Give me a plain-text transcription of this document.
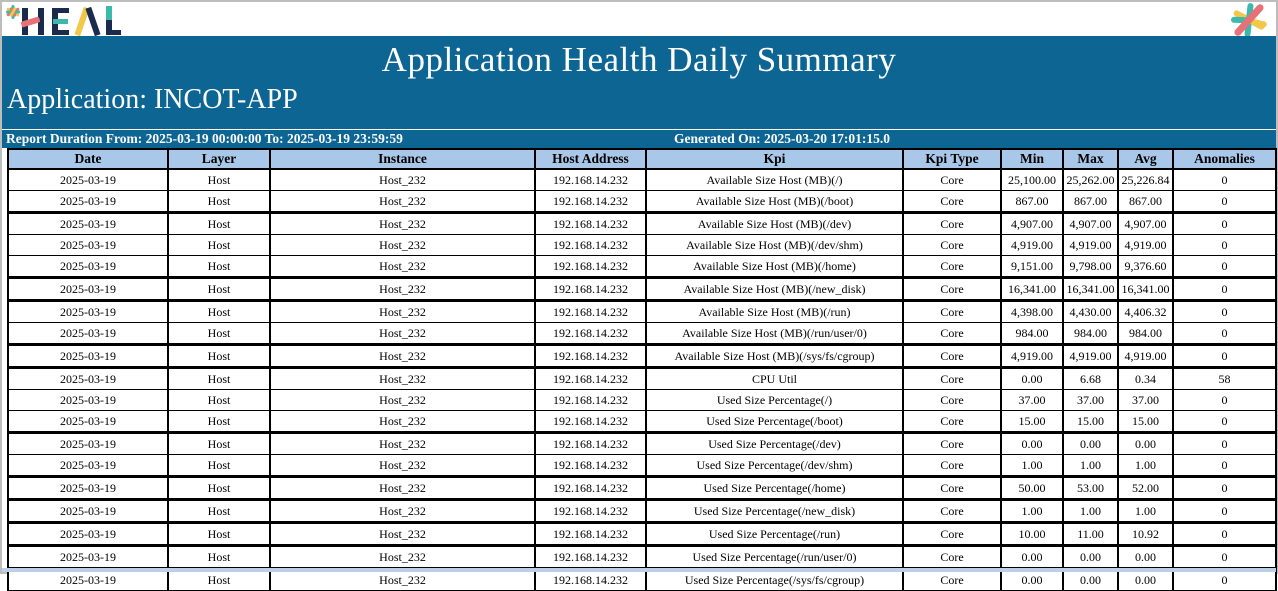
Application Health Daily Summary
Application: INCOT-APP
Report Duration From: 2025-03-19 00:00:00 To: 2025-03-19 23:59:59	Generated On: 2025-03-20 17:01:15.0
Date	Layer	Instance	Host Address	Kpi	Kpi Type	Min	Max	Avg	Anomalies
2025-03-19	Host	Host_232	192.168.14.232	Available Size Host (MB)(/)	Core	25,100.00	25,262.00	25,226.84	0
2025-03-19	Host	Host_232	192.168.14.232	Available Size Host (MB)(/boot)	Core	867.00	867.00	867.00	0
2025-03-19	Host	Host_232	192.168.14.232	Available Size Host (MB)(/dev)	Core	4,907.00	4,907.00	4,907.00	0
2025-03-19	Host	Host_232	192.168.14.232	Available Size Host (MB)(/dev/shm)	Core	4,919.00	4,919.00	4,919.00	0
2025-03-19	Host	Host_232	192.168.14.232	Available Size Host (MB)(/home)	Core	9,151.00	9,798.00	9,376.60	0
2025-03-19	Host	Host_232	192.168.14.232	Available Size Host (MB)(/new_disk)	Core	16,341.00	16,341.00	16,341.00	0
2025-03-19	Host	Host_232	192.168.14.232	Available Size Host (MB)(/run)	Core	4,398.00	4,430.00	4,406.32	0
2025-03-19	Host	Host_232	192.168.14.232	Available Size Host (MB)(/run/user/0)	Core	984.00	984.00	984.00	0
2025-03-19	Host	Host_232	192.168.14.232	Available Size Host (MB)(/sys/fs/cgroup)	Core	4,919.00	4,919.00	4,919.00	0
2025-03-19	Host	Host_232	192.168.14.232	CPU Util	Core	0.00	6.68	0.34	58
2025-03-19	Host	Host_232	192.168.14.232	Used Size Percentage(/)	Core	37.00	37.00	37.00	0
2025-03-19	Host	Host_232	192.168.14.232	Used Size Percentage(/boot)	Core	15.00	15.00	15.00	0
2025-03-19	Host	Host_232	192.168.14.232	Used Size Percentage(/dev)	Core	0.00	0.00	0.00	0
2025-03-19	Host	Host_232	192.168.14.232	Used Size Percentage(/dev/shm)	Core	1.00	1.00	1.00	0
2025-03-19	Host	Host_232	192.168.14.232	Used Size Percentage(/home)	Core	50.00	53.00	52.00	0
2025-03-19	Host	Host_232	192.168.14.232	Used Size Percentage(/new_disk)	Core	1.00	1.00	1.00	0
2025-03-19	Host	Host_232	192.168.14.232	Used Size Percentage(/run)	Core	10.00	11.00	10.92	0
2025-03-19	Host	Host_232	192.168.14.232	Used Size Percentage(/run/user/0)	Core	0.00	0.00	0.00	0
2025-03-19	Host	Host_232	192.168.14.232	Used Size Percentage(/sys/fs/cgroup)	Core	0.00	0.00	0.00	0
